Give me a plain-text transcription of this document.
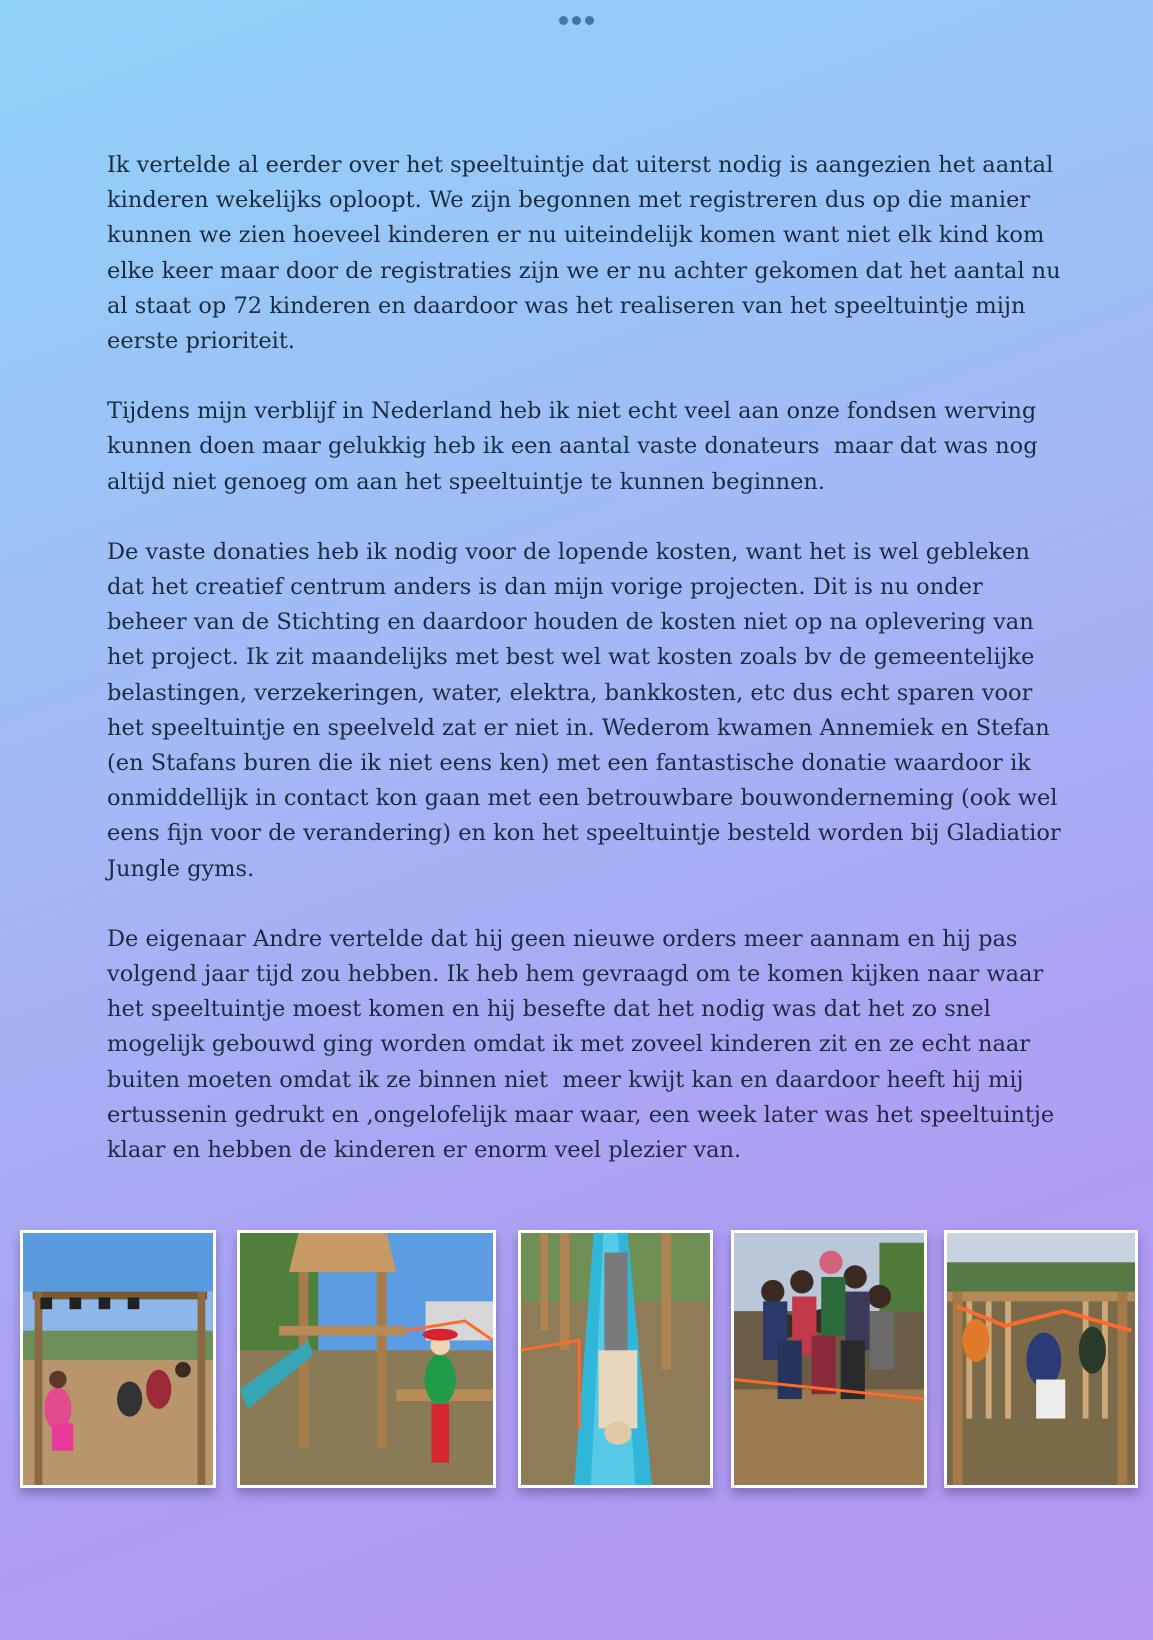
Ik vertelde al eerder over het speeltuintje dat uiterst nodig is aangezien het aantal kinderen wekelijks oploopt. We zijn begonnen met registreren dus op die manier kunnen we zien hoeveel kinderen er nu uiteindelijk komen want niet elk kind kom elke keer maar door de registraties zijn we er nu achter gekomen dat het aantal nu al staat op 72 kinderen en daardoor was het realiseren van het speeltuintje mijn eerste prioriteit.

Tijdens mijn verblijf in Nederland heb ik niet echt veel aan onze fondsen werving kunnen doen maar gelukkig heb ik een aantal vaste donateurs  maar dat was nog altijd niet genoeg om aan het speeltuintje te kunnen beginnen.

De vaste donaties heb ik nodig voor de lopende kosten, want het is wel gebleken dat het creatief centrum anders is dan mijn vorige projecten. Dit is nu onder beheer van de Stichting en daardoor houden de kosten niet op na oplevering van het project. Ik zit maandelijks met best wel wat kosten zoals bv de gemeentelijke belastingen, verzekeringen, water, elektra, bankkosten, etc dus echt sparen voor het speeltuintje en speelveld zat er niet in. Wederom kwamen Annemiek en Stefan (en Stafans buren die ik niet eens ken) met een fantastische donatie waardoor ik onmiddellijk in contact kon gaan met een betrouwbare bouwonderneming (ook wel eens fijn voor de verandering) en kon het speeltuintje besteld worden bij Gladiatior Jungle gyms.

De eigenaar Andre vertelde dat hij geen nieuwe orders meer aannam en hij pas volgend jaar tijd zou hebben. Ik heb hem gevraagd om te komen kijken naar waar het speeltuintje moest komen en hij besefte dat het nodig was dat het zo snel mogelijk gebouwd ging worden omdat ik met zoveel kinderen zit en ze echt naar buiten moeten omdat ik ze binnen niet  meer kwijt kan en daardoor heeft hij mij ertussenin gedrukt en ,ongelofelijk maar waar, een week later was het speeltuintje klaar en hebben de kinderen er enorm veel plezier van.
